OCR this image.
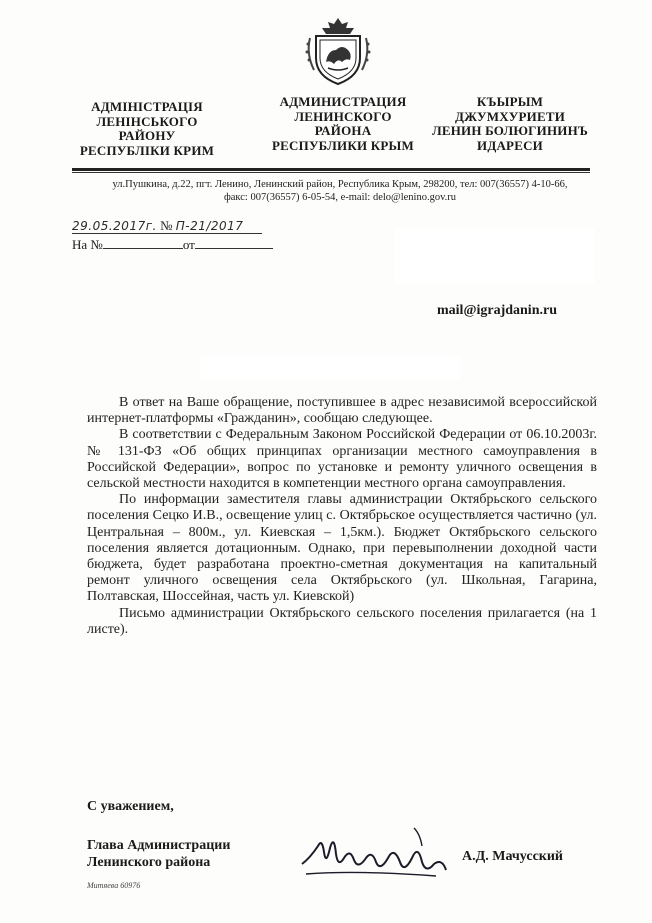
АДМІНІСТРАЦІЯ
ЛЕНІНСЬКОГО
РАЙОНУ
РЕСПУБЛІКИ КРИМ
АДМИНИСТРАЦИЯ
ЛЕНИНСКОГО
РАЙОНА
РЕСПУБЛИКИ КРЫМ
КЪЫРЫМ
ДЖУМХУРИЕТИ
ЛЕНИН БОЛЮГИНИНЪ
ИДАРЕСИ
ул.Пушкина, д.22, пгт. Ленино, Ленинский район, Республика Крым, 298200, тел: 007(36557) 4-10-66,
факс: 007(36557) 6-05-54, e-mail: delo@lenino.gov.ru
29.05.2017г. № П-21/2017
На №	от
mail@igrajdanin.ru

В ответ на Ваше обращение, поступившее в адрес независимой всероссийской интернет-платформы «Гражданин», сообщаю следующее.

В соответствии с Федеральным Законом Российской Федерации от 06.10.2003г. № 131-ФЗ «Об общих принципах организации местного самоуправления в Российской Федерации», вопрос по установке и ремонту уличного освещения в сельской местности находится в компетенции местного органа самоуправления.

По информации заместителя главы администрации Октябрьского сельского поселения Сецко И.В., освещение улиц с. Октябрьское осуществляется частично (ул. Центральная – 800м., ул. Киевская – 1,5км.). Бюджет Октябрьского сельского поселения является дотационным. Однако, при перевыполнении доходной части бюджета, будет разработана проектно-сметная документация на капитальный ремонт уличного освещения села Октябрьского (ул. Школьная, Гагарина, Полтавская, Шоссейная, часть ул. Киевской)

Письмо администрации Октябрьского сельского поселения прилагается (на 1 листе).

С уважением,
Глава Администрации
Ленинского района	А.Д. Мачусский
Митяева 60976
